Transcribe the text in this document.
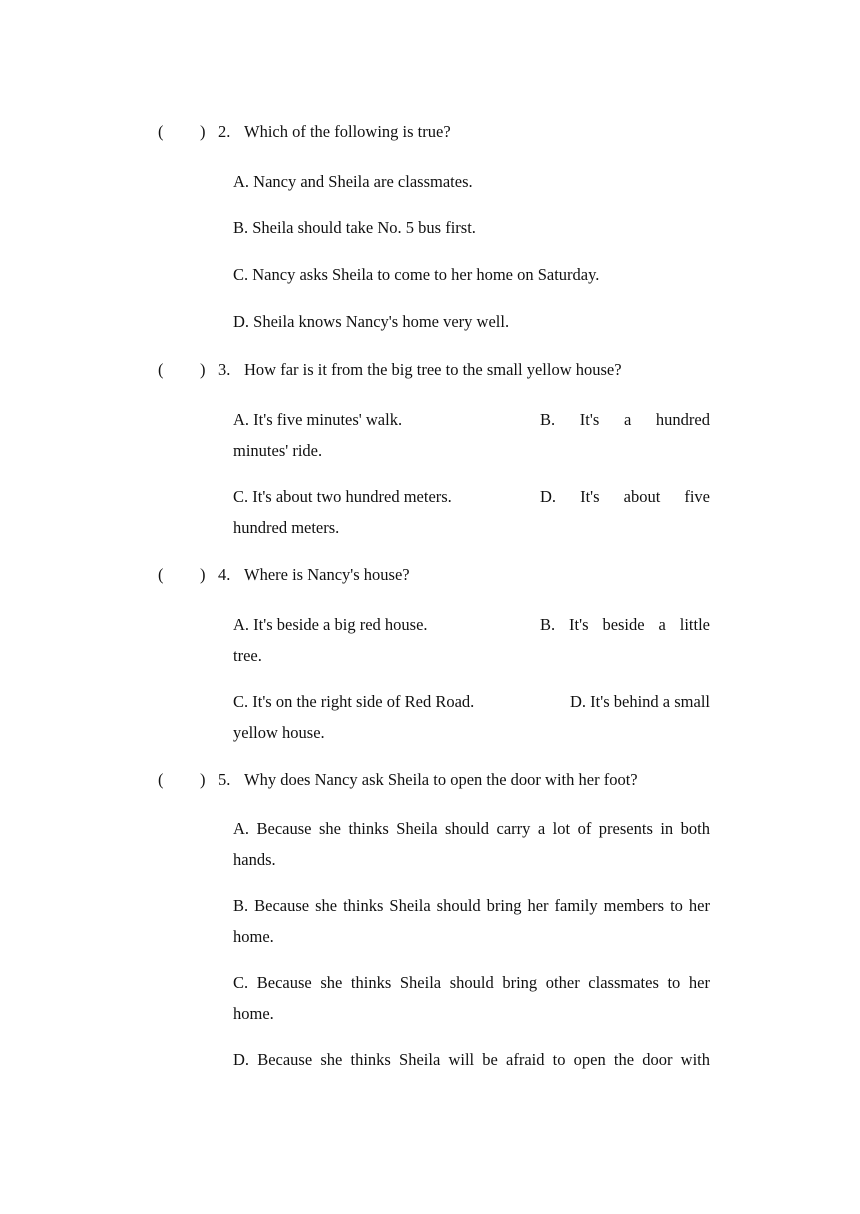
( ) 2. Which of the following is true?
A. Nancy and Sheila are classmates.
B. Sheila should take No. 5 bus first.
C. Nancy asks Sheila to come to her home on Saturday.
D. Sheila knows Nancy's home very well.
( ) 3. How far is it from the big tree to the small yellow house?
A. It's five minutes' walk.	B. It's a hundred
minutes' ride.
C. It's about two hundred meters.	D. It's about five
hundred meters.
( ) 4. Where is Nancy's house?
A. It's beside a big red house.	B. It's beside a little
tree.
C. It's on the right side of Red Road.	D. It's behind a small
yellow house.
( ) 5. Why does Nancy ask Sheila to open the door with her foot?
A. Because she thinks Sheila should carry a lot of presents in both hands.
B. Because she thinks Sheila should bring her family members to her home.
C. Because she thinks Sheila should bring other classmates to her home.
D. Because she thinks Sheila will be afraid to open the door with
